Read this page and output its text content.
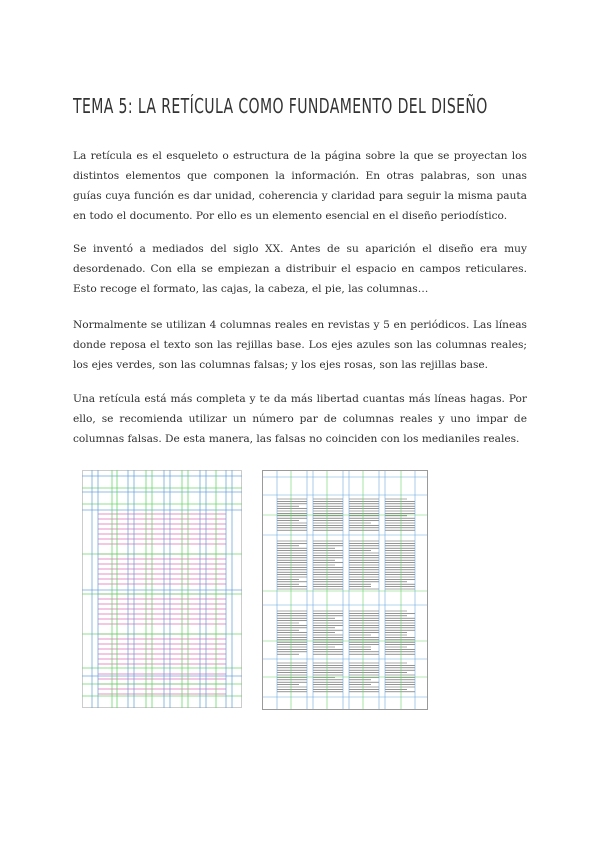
TEMA 5: LA RETÍCULA COMO FUNDAMENTO DEL DISEÑO

La retícula es el esqueleto o estructura de la página sobre la que se proyectan los distintos elementos que componen la información. En otras palabras, son unas guías cuya función es dar unidad, coherencia y claridad para seguir la misma pauta en todo el documento. Por ello es un elemento esencial en el diseño periodístico.

Se inventó a mediados del siglo XX. Antes de su aparición el diseño era muy desordenado. Con ella se empiezan a distribuir el espacio en campos reticulares. Esto recoge el formato, las cajas, la cabeza, el pie, las columnas…

Normalmente se utilizan 4 columnas reales en revistas y 5 en periódicos. Las líneas donde reposa el texto son las rejillas base. Los ejes azules son las columnas reales; los ejes verdes, son las columnas falsas; y los ejes rosas, son las rejillas base.

Una retícula está más completa y te da más libertad cuantas más líneas hagas. Por ello, se recomienda utilizar un número par de columnas reales y uno impar de columnas falsas. De esta manera, las falsas no coinciden con los medianiles reales.
